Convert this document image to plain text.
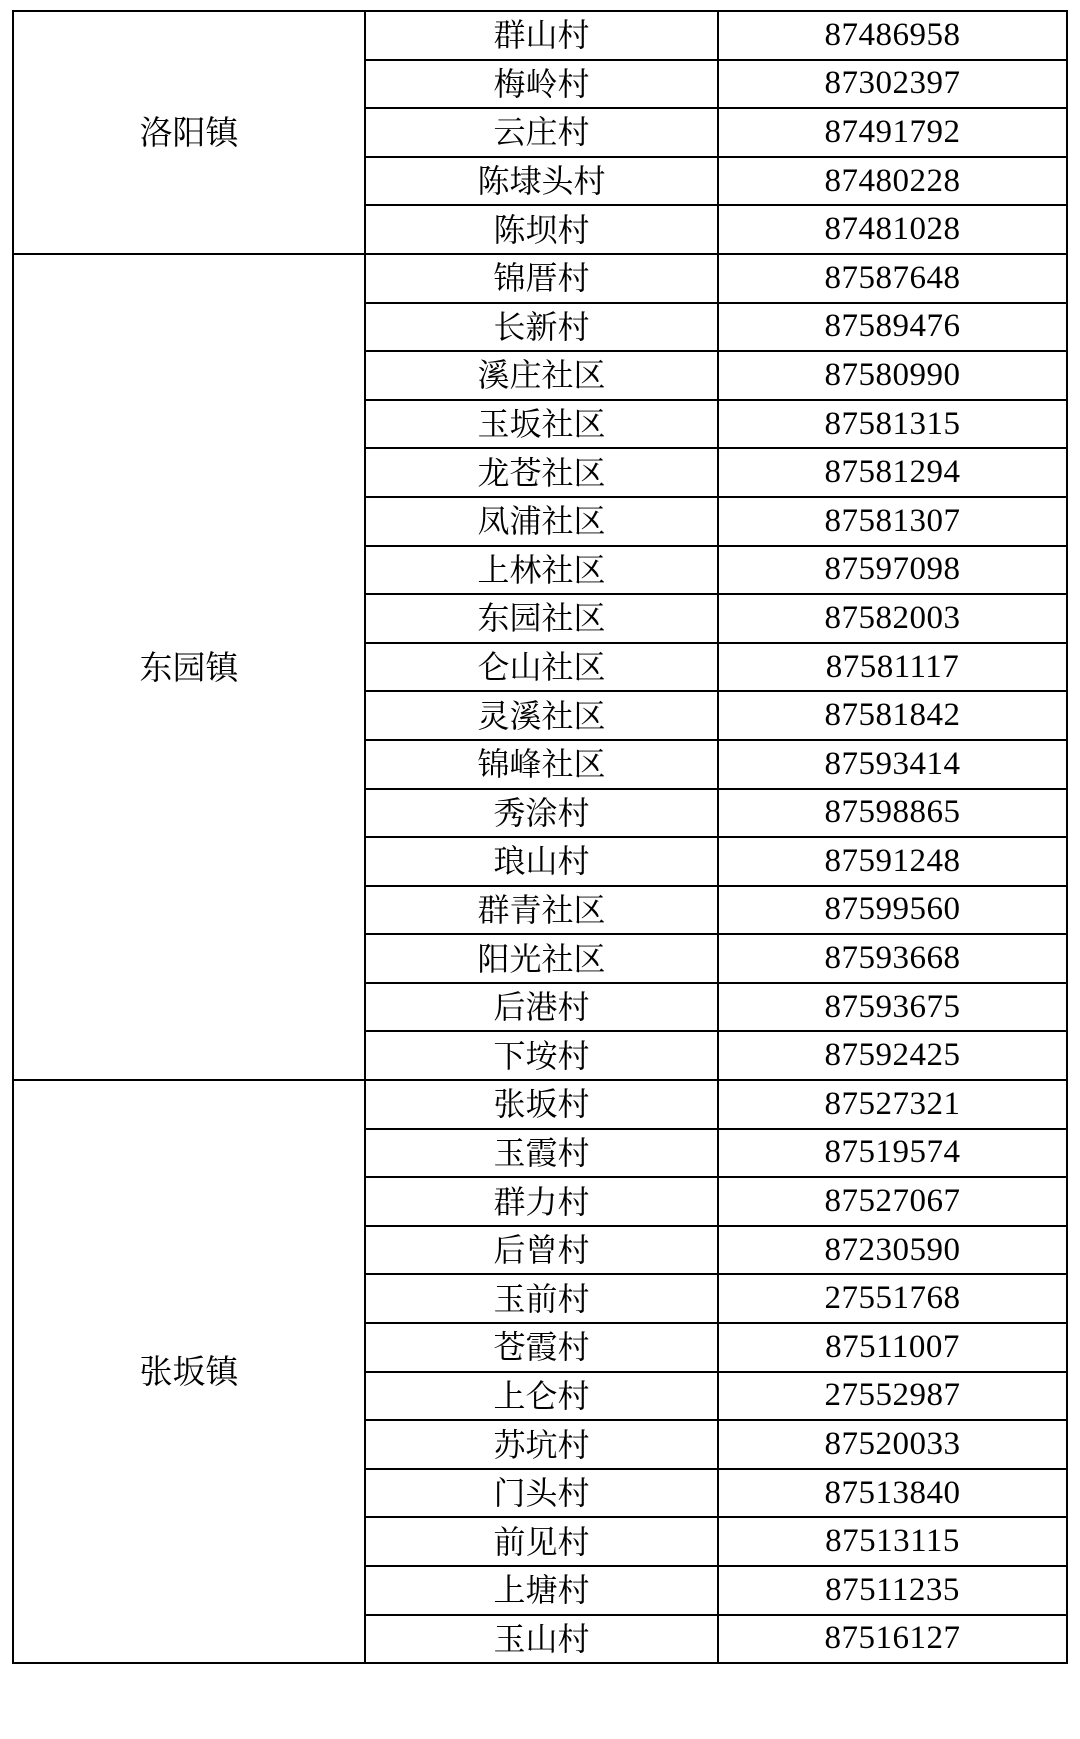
洛阳镇	群山村	87486958
	梅岭村	87302397
	云庄村	87491792
	陈埭头村	87480228
	陈坝村	87481028
东园镇	锦厝村	87587648
	长新村	87589476
	溪庄社区	87580990
	玉坂社区	87581315
	龙苍社区	87581294
	凤浦社区	87581307
	上林社区	87597098
	东园社区	87582003
	仑山社区	87581117
	灵溪社区	87581842
	锦峰社区	87593414
	秀涂村	87598865
	琅山村	87591248
	群青社区	87599560
	阳光社区	87593668
	后港村	87593675
	下垵村	87592425
张坂镇	张坂村	87527321
	玉霞村	87519574
	群力村	87527067
	后曾村	87230590
	玉前村	27551768
	苍霞村	87511007
	上仑村	27552987
	苏坑村	87520033
	门头村	87513840
	前见村	87513115
	上塘村	87511235
	玉山村	87516127
